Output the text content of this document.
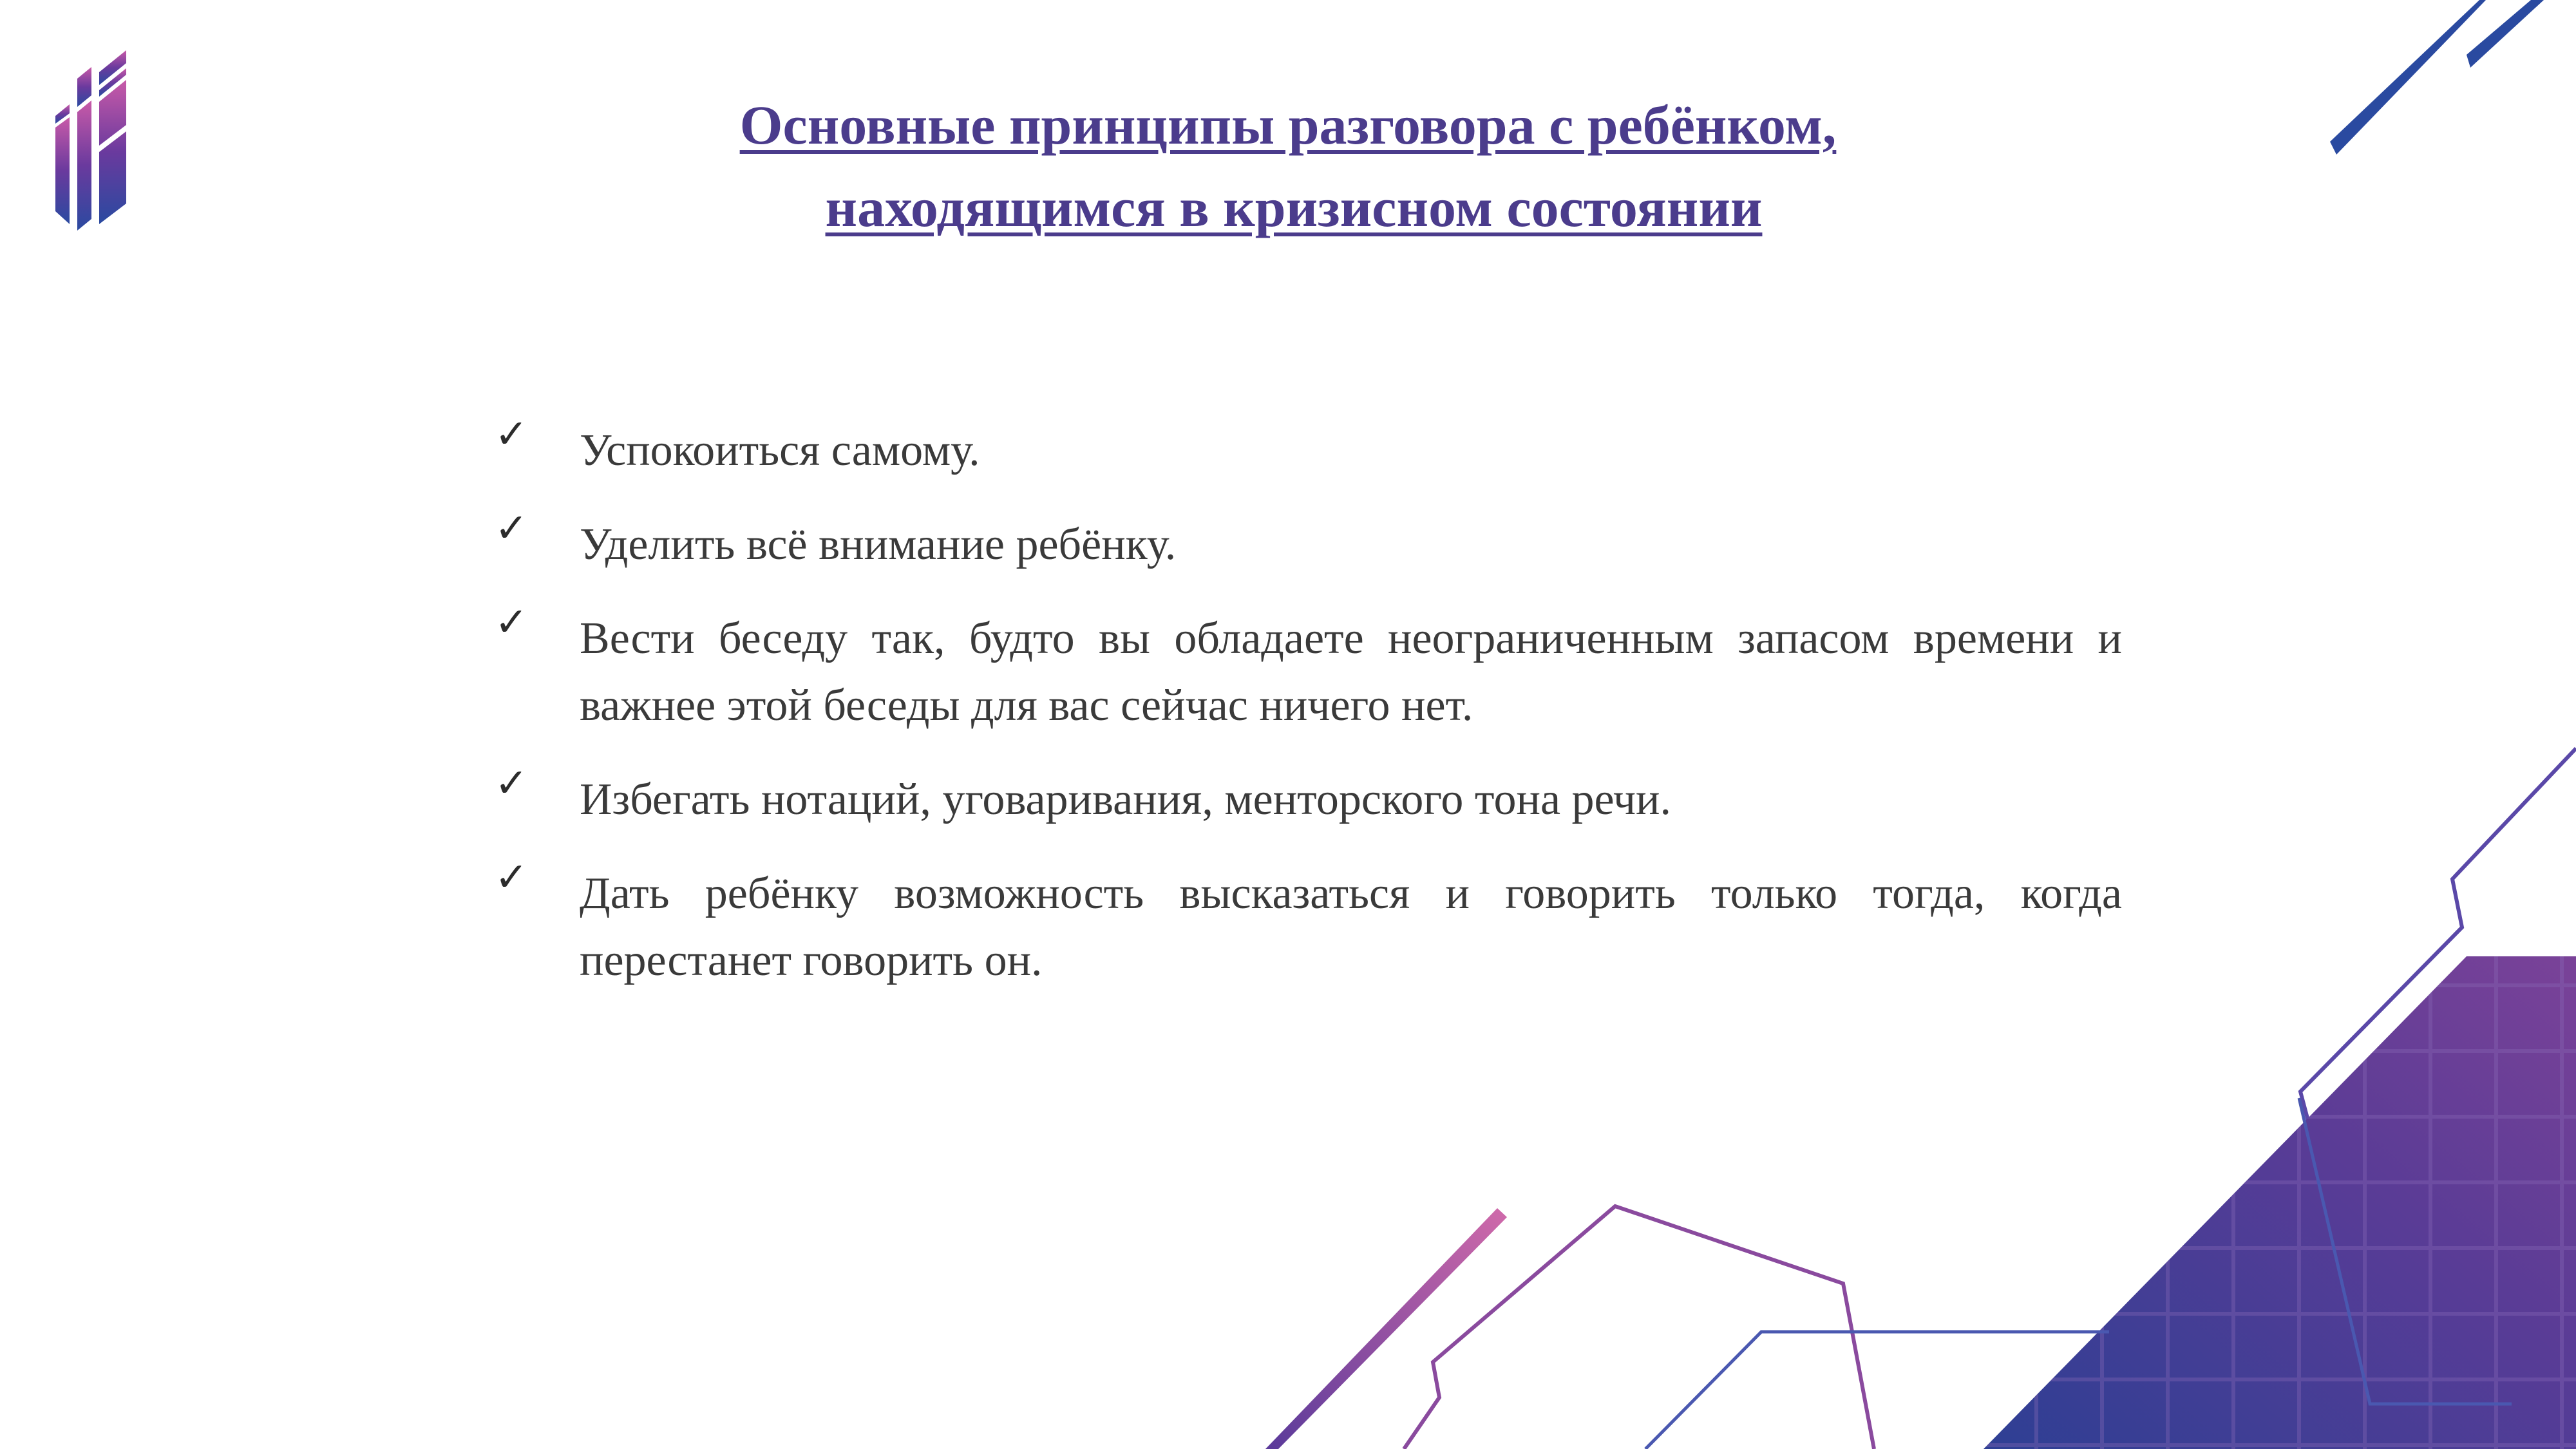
Основные принципы разговора с ребёнком,
находящимся в кризисном состоянии
✓ Успокоиться самому.
✓ Уделить всё внимание ребёнку.
✓ Вести беседу так, будто вы обладаете неограниченным запасом времени и важнее этой беседы для вас сейчас ничего нет.
✓ Избегать нотаций, уговаривания, менторского тона речи.
✓ Дать ребёнку возможность высказаться и говорить только тогда, когда перестанет говорить он.
